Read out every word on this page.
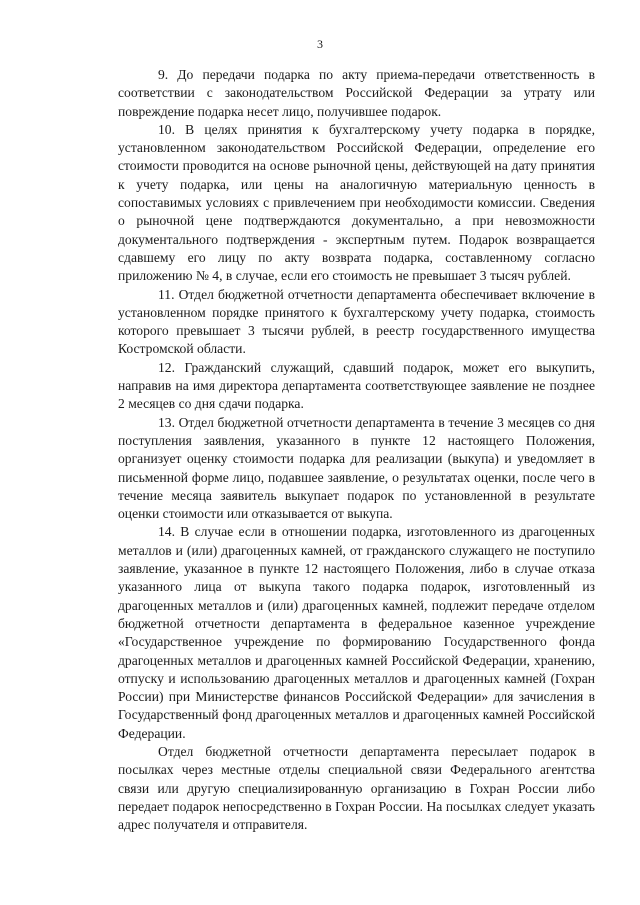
3

9. До передачи подарка по акту приема-передачи ответственность в соответствии с законодательством Российской Федерации за утрату или повреждение подарка несет лицо, получившее подарок.

10. В целях принятия к бухгалтерскому учету подарка в порядке, установленном законодательством Российской Федерации, определение его стоимости проводится на основе рыночной цены, действующей на дату принятия к учету подарка, или цены на аналогичную материальную ценность в сопоставимых условиях с привлечением при необходимости комиссии. Сведения о рыночной цене подтверждаются документально, а при невозможности документального подтверждения - экспертным путем. Подарок возвращается сдавшему его лицу по акту возврата подарка, составленному согласно приложению № 4, в случае, если его стоимость не превышает 3 тысяч рублей.

11. Отдел бюджетной отчетности департамента обеспечивает включение в установленном порядке принятого к бухгалтерскому учету подарка, стоимость которого превышает 3 тысячи рублей, в реестр государственного имущества Костромской области.

12. Гражданский служащий, сдавший подарок, может его выкупить, направив на имя директора департамента соответствующее заявление не позднее 2 месяцев со дня сдачи подарка.

13. Отдел бюджетной отчетности департамента в течение 3 месяцев со дня поступления заявления, указанного в пункте 12 настоящего Положения, организует оценку стоимости подарка для реализации (выкупа) и уведомляет в письменной форме лицо, подавшее заявление, о результатах оценки, после чего в течение месяца заявитель выкупает подарок по установленной в результате оценки стоимости или отказывается от выкупа.

14. В случае если в отношении подарка, изготовленного из драгоценных металлов и (или) драгоценных камней, от гражданского служащего не поступило заявление, указанное в пункте 12 настоящего Положения, либо в случае отказа указанного лица от выкупа такого подарка подарок, изготовленный из драгоценных металлов и (или) драгоценных камней, подлежит передаче отделом бюджетной отчетности департамента в федеральное казенное учреждение «Государственное учреждение по формированию Государственного фонда драгоценных металлов и драгоценных камней Российской Федерации, хранению, отпуску и использованию драгоценных металлов и драгоценных камней (Гохран России) при Министерстве финансов Российской Федерации» для зачисления в Государственный фонд драгоценных металлов и драгоценных камней Российской Федерации.

Отдел бюджетной отчетности департамента пересылает подарок в посылках через местные отделы специальной связи Федерального агентства связи или другую специализированную организацию в Гохран России либо передает подарок непосредственно в Гохран России. На посылках следует указать адрес получателя и отправителя.
